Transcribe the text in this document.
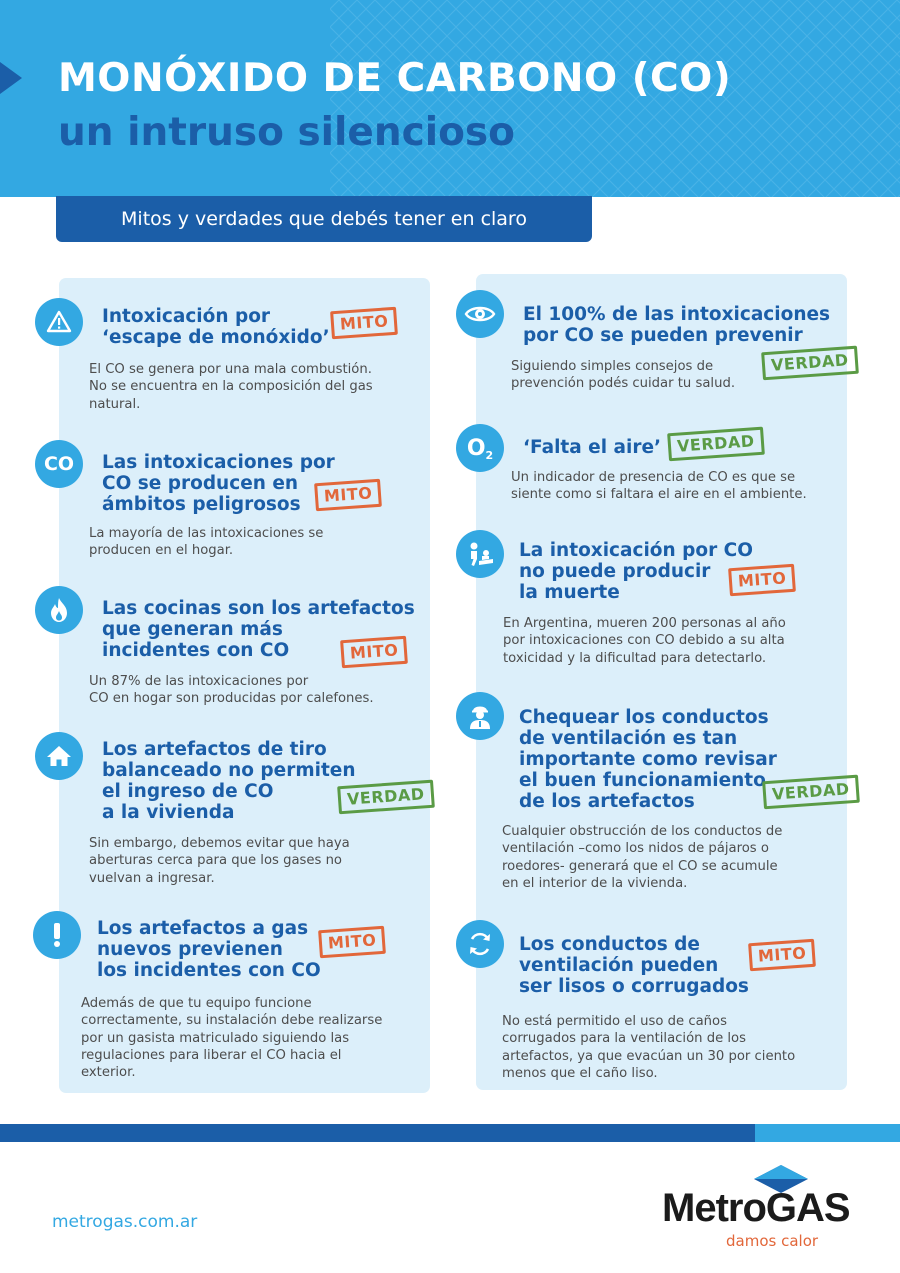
MONÓXIDO DE CARBONO (CO)
un intruso silencioso
Mitos y verdades que debés tener en claro
Intoxicación por
‘escape de monóxido’
MITO
El CO se genera por una mala combustión.
No se encuentra en la composición del gas
natural.
CO Las intoxicaciones por
CO se producen en
ámbitos peligrosos	MITO
La mayoría de las intoxicaciones se
producen en el hogar.
Las cocinas son los artefactos
que generan más
incidentes con CO	MITO
Un 87% de las intoxicaciones por
CO en hogar son producidas por calefones.
Los artefactos de tiro
balanceado no permiten
el ingreso de CO
a la vivienda
VERDAD
Sin embargo, debemos evitar que haya
aberturas cerca para que los gases no
vuelvan a ingresar.
Los artefactos a gas
nuevos previenen
los incidentes con CO
MITO
Además de que tu equipo funcione
correctamente, su instalación debe realizarse
por un gasista matriculado siguiendo las
regulaciones para liberar el CO hacia el
exterior.
El 100% de las intoxicaciones
por CO se pueden prevenir
VERDAD
Siguiendo simples consejos de
prevención podés cuidar tu salud.
O 2 ‘Falta el aire’ VERDAD
Un indicador de presencia de CO es que se
siente como si faltara el aire en el ambiente.
La intoxicación por CO
no puede producir
la muerte
MITO
En Argentina, mueren 200 personas al año
por intoxicaciones con CO debido a su alta
toxicidad y la dificultad para detectarlo.
Chequear los conductos
de ventilación es tan
importante como revisar
el buen funcionamiento
de los artefactos	VERDAD
Cualquier obstrucción de los conductos de
ventilación –como los nidos de pájaros o
roedores- generará que el CO se acumule
en el interior de la vivienda.
Los conductos de
ventilación pueden
ser lisos o corrugados
MITO
No está permitido el uso de caños
corrugados para la ventilación de los
artefactos, ya que evacúan un 30 por ciento
menos que el caño liso.
metrogas.com.ar	MetroGAS
damos calor
